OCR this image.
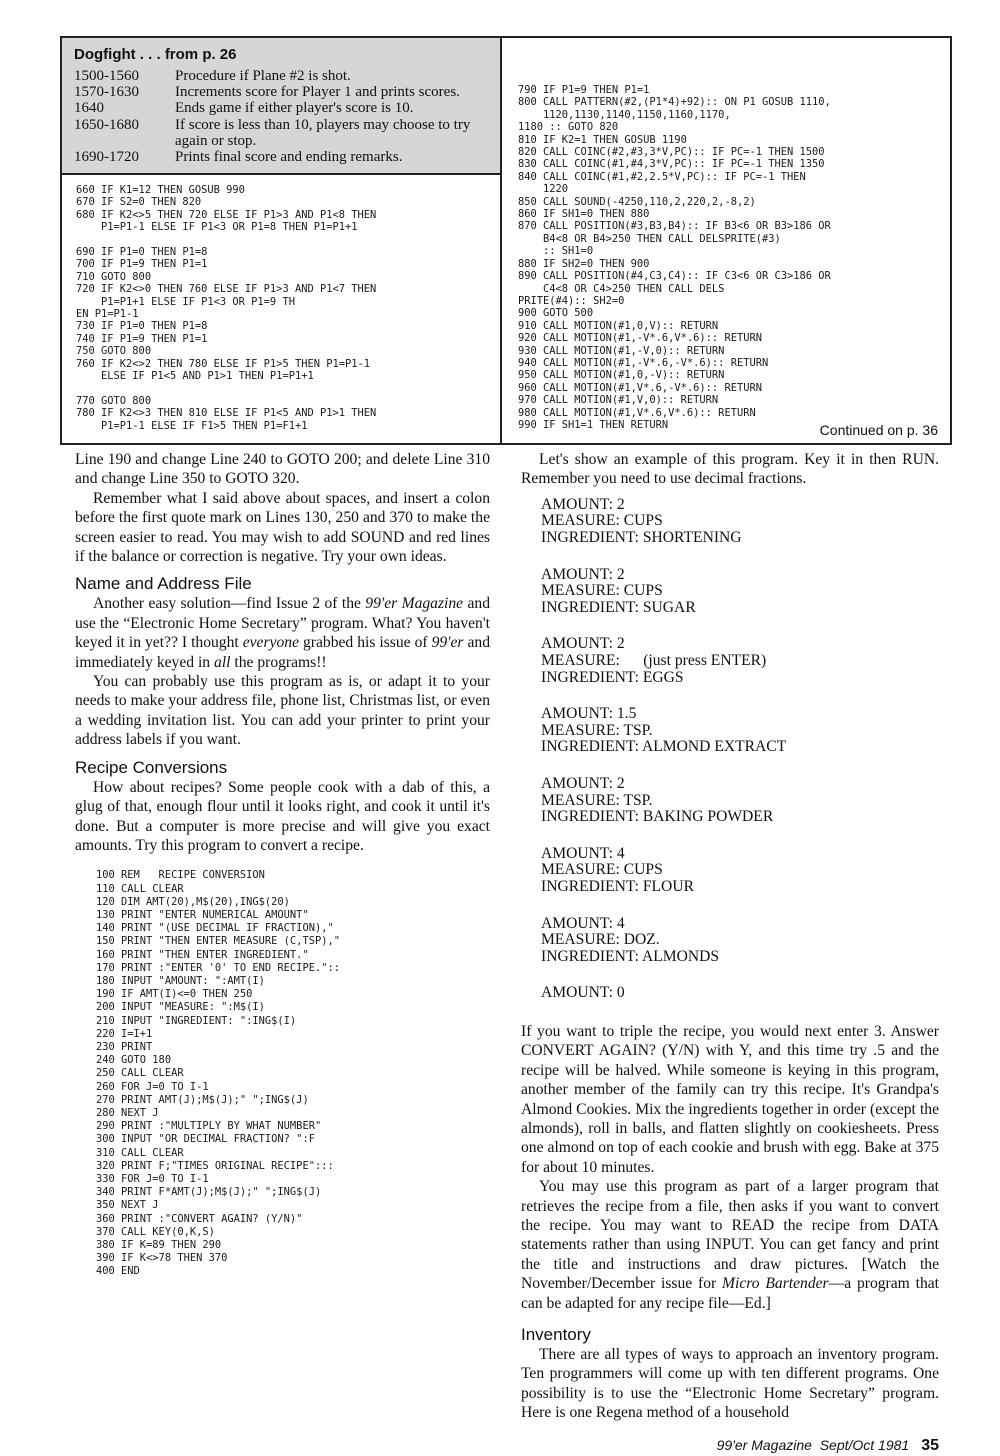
Dogfight . . . from p. 26
1500-1560	Procedure if Plane #2 is shot.
1570-1630	Increments score for Player 1 and prints scores.
1640	Ends game if either player's score is 10.
1650-1680	If score is less than 10, players may choose to try again or stop.
1690-1720	Prints final score and ending remarks.
660 IF K1=12 THEN GOSUB 990
670 IF S2=0 THEN 820
680 IF K2<>5 THEN 720 ELSE IF P1>3 AND P1<8 THEN
P1=P1-1 ELSE IF P1<3 OR P1=8 THEN P1=P1+1

690 IF P1=0 THEN P1=8
700 IF P1=9 THEN P1=1
710 GOTO 800
720 IF K2<>0 THEN 760 ELSE IF P1>3 AND P1<7 THEN
P1=P1+1 ELSE IF P1<3 OR P1=9 TH
EN P1=P1-1
730 IF P1=0 THEN P1=8
740 IF P1=9 THEN P1=1
750 GOTO 800
760 IF K2<>2 THEN 780 ELSE IF P1>5 THEN P1=P1-1
ELSE IF P1<5 AND P1>1 THEN P1=P1+1

770 GOTO 800
780 IF K2<>3 THEN 810 ELSE IF P1<5 AND P1>1 THEN
P1=P1-1 ELSE IF F1>5 THEN P1=F1+1
790 IF P1=9 THEN P1=1
800 CALL PATTERN(#2,(P1*4)+92):: ON P1 GOSUB 1110,
1120,1130,1140,1150,1160,1170,
1180 :: GOTO 820
810 IF K2=1 THEN GOSUB 1190
820 CALL COINC(#2,#3,3*V,PC):: IF PC=-1 THEN 1500
830 CALL COINC(#1,#4,3*V,PC):: IF PC=-1 THEN 1350
840 CALL COINC(#1,#2,2.5*V,PC):: IF PC=-1 THEN
1220
850 CALL SOUND(-4250,110,2,220,2,-8,2)
860 IF SH1=0 THEN 880
870 CALL POSITION(#3,B3,B4):: IF B3<6 OR B3>186 OR
B4<8 OR B4>250 THEN CALL DELSPRITE(#3)
:: SH1=0
880 IF SH2=0 THEN 900
890 CALL POSITION(#4,C3,C4):: IF C3<6 OR C3>186 OR
C4<8 OR C4>250 THEN CALL DELS
PRITE(#4):: SH2=0
900 GOTO 500
910 CALL MOTION(#1,0,V):: RETURN
920 CALL MOTION(#1,-V*.6,V*.6):: RETURN
930 CALL MOTION(#1,-V,0):: RETURN
940 CALL MOTION(#1,-V*.6,-V*.6):: RETURN
950 CALL MOTION(#1,0,-V):: RETURN
960 CALL MOTION(#1,V*.6,-V*.6):: RETURN
970 CALL MOTION(#1,V,0):: RETURN
980 CALL MOTION(#1,V*.6,V*.6):: RETURN
990 IF SH1=1 THEN RETURN	Continued on p. 36

Line 190 and change Line 240 to GOTO 200; and delete Line 310 and change Line 350 to GOTO 320.

Remember what I said above about spaces, and insert a colon before the first quote mark on Lines 130, 250 and 370 to make the screen easier to read. You may wish to add SOUND and red lines if the balance or correction is negative. Try your own ideas.

Name and Address File

Another easy solution—find Issue 2 of the 99'er Magazine and use the “Electronic Home Secretary” program. What? You haven't keyed it in yet?? I thought everyone grabbed his issue of 99'er and immediately keyed in all the programs!!

You can probably use this program as is, or adapt it to your needs to make your address file, phone list, Christmas list, or even a wedding invitation list. You can add your printer to print your address labels if you want.

Recipe Conversions

How about recipes? Some people cook with a dab of this, a glug of that, enough flour until it looks right, and cook it until it's done. But a computer is more precise and will give you exact amounts. Try this program to convert a recipe.

100 REM   RECIPE CONVERSION
110 CALL CLEAR
120 DIM AMT(20),M$(20),ING$(20)
130 PRINT "ENTER NUMERICAL AMOUNT"
140 PRINT "(USE DECIMAL IF FRACTION),"
150 PRINT "THEN ENTER MEASURE (C,TSP),"
160 PRINT "THEN ENTER INGREDIENT."
170 PRINT :"ENTER '0' TO END RECIPE."::
180 INPUT "AMOUNT: ":AMT(I)
190 IF AMT(I)<=0 THEN 250
200 INPUT "MEASURE: ":M$(I)
210 INPUT "INGREDIENT: ":ING$(I)
220 I=I+1
230 PRINT
240 GOTO 180
250 CALL CLEAR
260 FOR J=0 TO I-1
270 PRINT AMT(J);M$(J);" ";ING$(J)
280 NEXT J
290 PRINT :"MULTIPLY BY WHAT NUMBER"
300 INPUT "OR DECIMAL FRACTION? ":F
310 CALL CLEAR
320 PRINT F;"TIMES ORIGINAL RECIPE":::
330 FOR J=0 TO I-1
340 PRINT F*AMT(J);M$(J);" ";ING$(J)
350 NEXT J
360 PRINT :"CONVERT AGAIN? (Y/N)"
370 CALL KEY(0,K,S)
380 IF K=89 THEN 290
390 IF K<>78 THEN 370
400 END

Let's show an example of this program. Key it in then RUN. Remember you need to use decimal fractions.

AMOUNT: 2
MEASURE: CUPS
INGREDIENT: SHORTENING
AMOUNT: 2
MEASURE: CUPS
INGREDIENT: SUGAR
AMOUNT: 2
MEASURE:      (just press ENTER)
INGREDIENT: EGGS
AMOUNT: 1.5
MEASURE: TSP.
INGREDIENT: ALMOND EXTRACT
AMOUNT: 2
MEASURE: TSP.
INGREDIENT: BAKING POWDER
AMOUNT: 4
MEASURE: CUPS
INGREDIENT: FLOUR
AMOUNT: 4
MEASURE: DOZ.
INGREDIENT: ALMONDS
AMOUNT: 0

If you want to triple the recipe, you would next enter 3. Answer CONVERT AGAIN? (Y/N) with Y, and this time try .5 and the recipe will be halved. While someone is keying in this program, another member of the family can try this recipe. It's Grandpa's Almond Cookies. Mix the ingredients together in order (except the almonds), roll in balls, and flatten slightly on cookiesheets. Press one almond on top of each cookie and brush with egg. Bake at 375 for about 10 minutes.

You may use this program as part of a larger program that retrieves the recipe from a file, then asks if you want to convert the recipe. You may want to READ the recipe from DATA statements rather than using INPUT. You can get fancy and print the title and instructions and draw pictures. [Watch the November/December issue for Micro Bartender—a program that can be adapted for any recipe file—Ed.]

Inventory

There are all types of ways to approach an inventory program. Ten programmers will come up with ten different programs. One possibility is to use the “Electronic Home Secretary” program. Here is one Regena method of a household

99'er Magazine  Sept/Oct 1981 35
